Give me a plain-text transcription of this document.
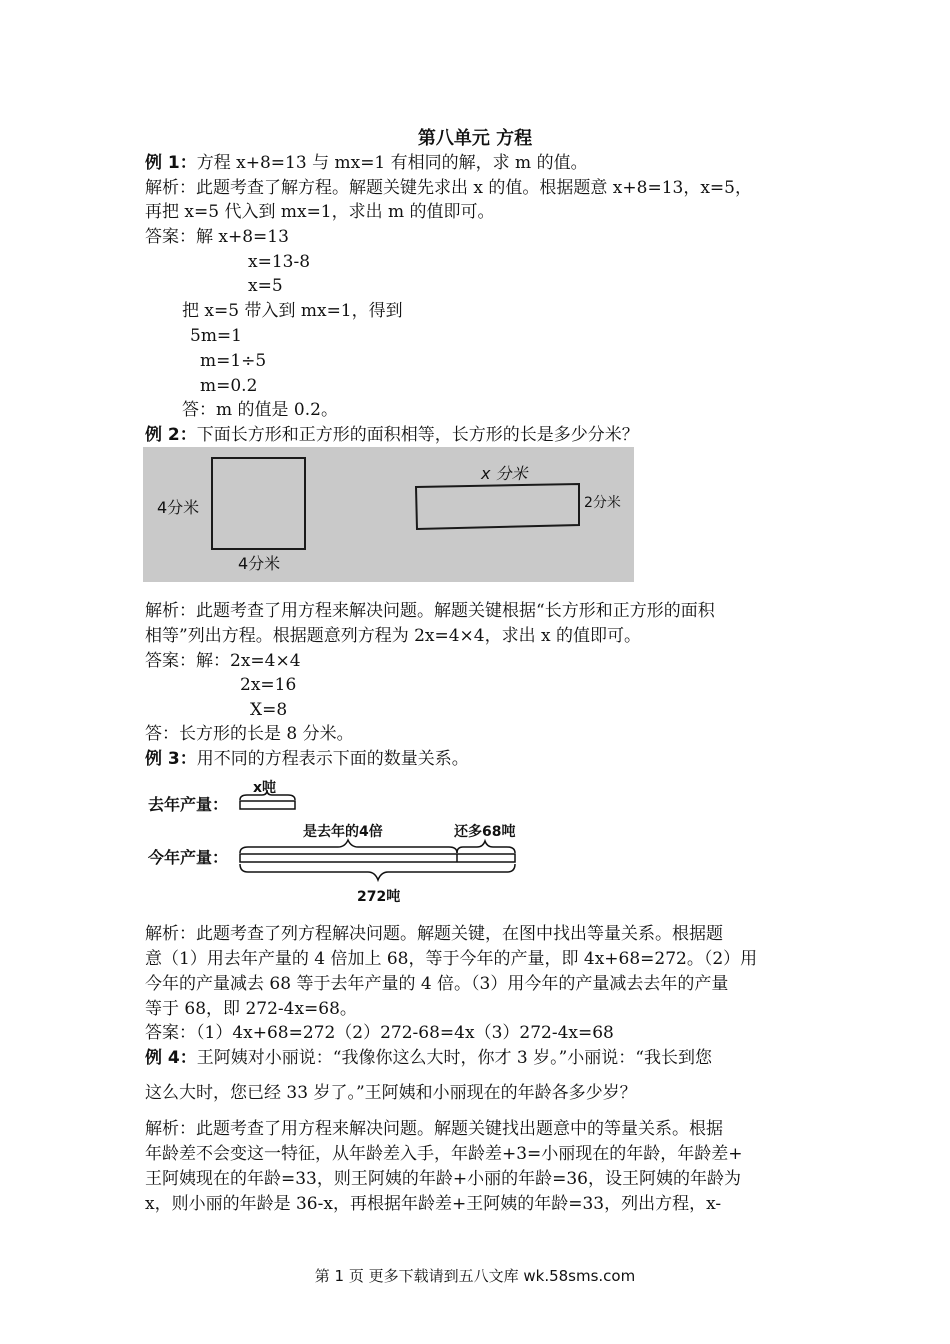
第八单元 方程
例 1：方程 x+8=13 与 mx=1 有相同的解，求 m 的值。
解析：此题考查了解方程。解题关键先求出 x 的值。根据题意 x+8=13，x=5，
再把 x=5 代入到 mx=1，求出 m 的值即可。
答案：解 x+8=13
x=13-8
x=5
把 x=5 带入到 mx=1，得到
5m=1
m=1÷5
m=0.2
答：m 的值是 0.2。
例 2：下面长方形和正方形的面积相等，长方形的长是多少分米？
4分米
4分米
x 分米
2分米
解析：此题考查了用方程来解决问题。解题关键根据“长方形和正方形的面积
相等”列出方程。根据题意列方程为 2x=4×4，求出 x 的值即可。
答案：解：2x=4×4
2x=16
X=8
答：长方形的长是 8 分米。
例 3：用不同的方程表示下面的数量关系。
去年产量：
x吨
今年产量：
是去年的4倍	还多68吨
272吨
解析：此题考查了列方程解决问题。解题关键，在图中找出等量关系。根据题
意（1）用去年产量的 4 倍加上 68，等于今年的产量，即 4x+68=272。（2）用
今年的产量减去 68 等于去年产量的 4 倍。（3）用今年的产量减去去年的产量
等于 68，即 272-4x=68。
答案：（1）4x+68=272（2）272-68=4x（3）272-4x=68
例 4：王阿姨对小丽说：“我像你这么大时，你才 3 岁。”小丽说：“我长到您
这么大时，您已经 33 岁了。”王阿姨和小丽现在的年龄各多少岁？
解析：此题考查了用方程来解决问题。解题关键找出题意中的等量关系。根据
年龄差不会变这一特征，从年龄差入手，年龄差+3=小丽现在的年龄，年龄差+
王阿姨现在的年龄=33，则王阿姨的年龄+小丽的年龄=36，设王阿姨的年龄为
x，则小丽的年龄是 36-x，再根据年龄差+王阿姨的年龄=33，列出方程，x-
第 1 页 更多下载请到五八文库 wk.58sms.com
